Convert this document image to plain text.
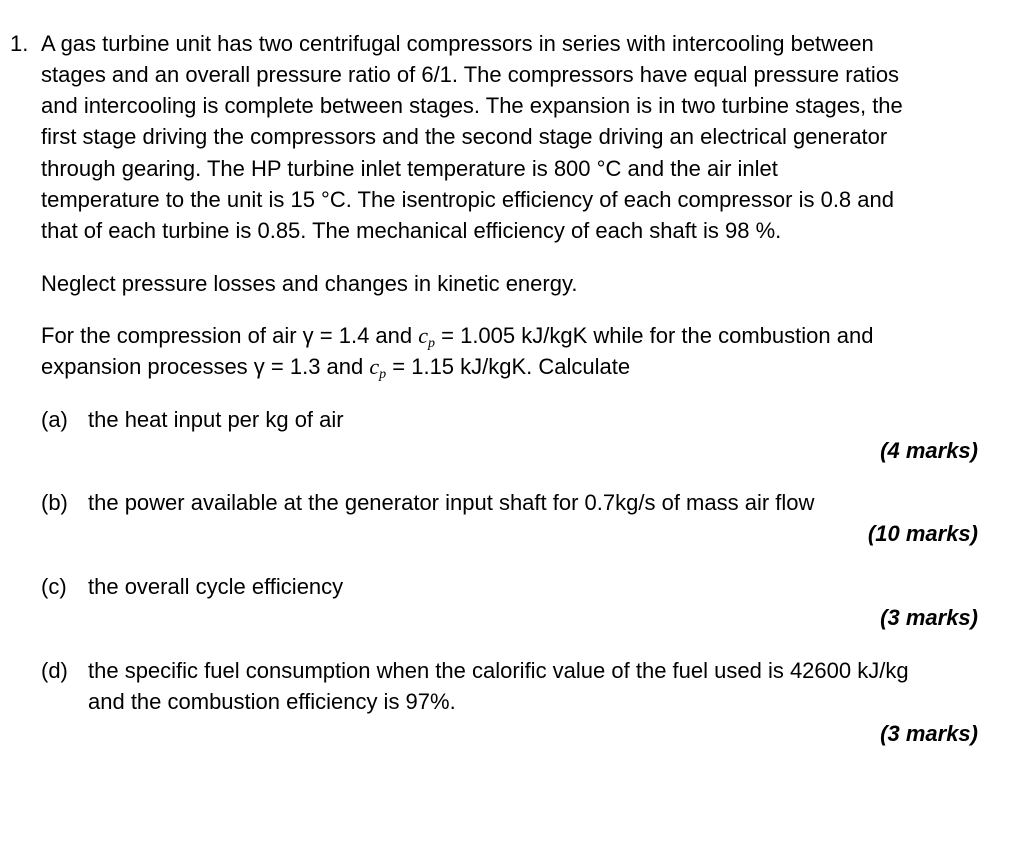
1. A gas turbine unit has two centrifugal compressors in series with intercooling between
stages and an overall pressure ratio of 6/1. The compressors have equal pressure ratios
and intercooling is complete between stages. The expansion is in two turbine stages, the
first stage driving the compressors and the second stage driving an electrical generator
through gearing. The HP turbine inlet temperature is 800 °C and the air inlet
temperature to the unit is 15 °C. The isentropic efficiency of each compressor is 0.8 and
that of each turbine is 0.85. The mechanical efficiency of each shaft is 98 %.
Neglect pressure losses and changes in kinetic energy.
For the compression of air γ = 1.4 and $c_p = 1.005$ kJ/kgK while for the combustion and
expansion processes γ = 1.3 and $c_p = 1.15$ kJ/kgK. Calculate
(a) the heat input per kg of air
(4 marks)
(b) the power available at the generator input shaft for 0.7kg/s of mass air flow
(10 marks)
(c) the overall cycle efficiency
(3 marks)
(d) the specific fuel consumption when the calorific value of the fuel used is 42600 kJ/kg
and the combustion efficiency is 97%.
(3 marks)
